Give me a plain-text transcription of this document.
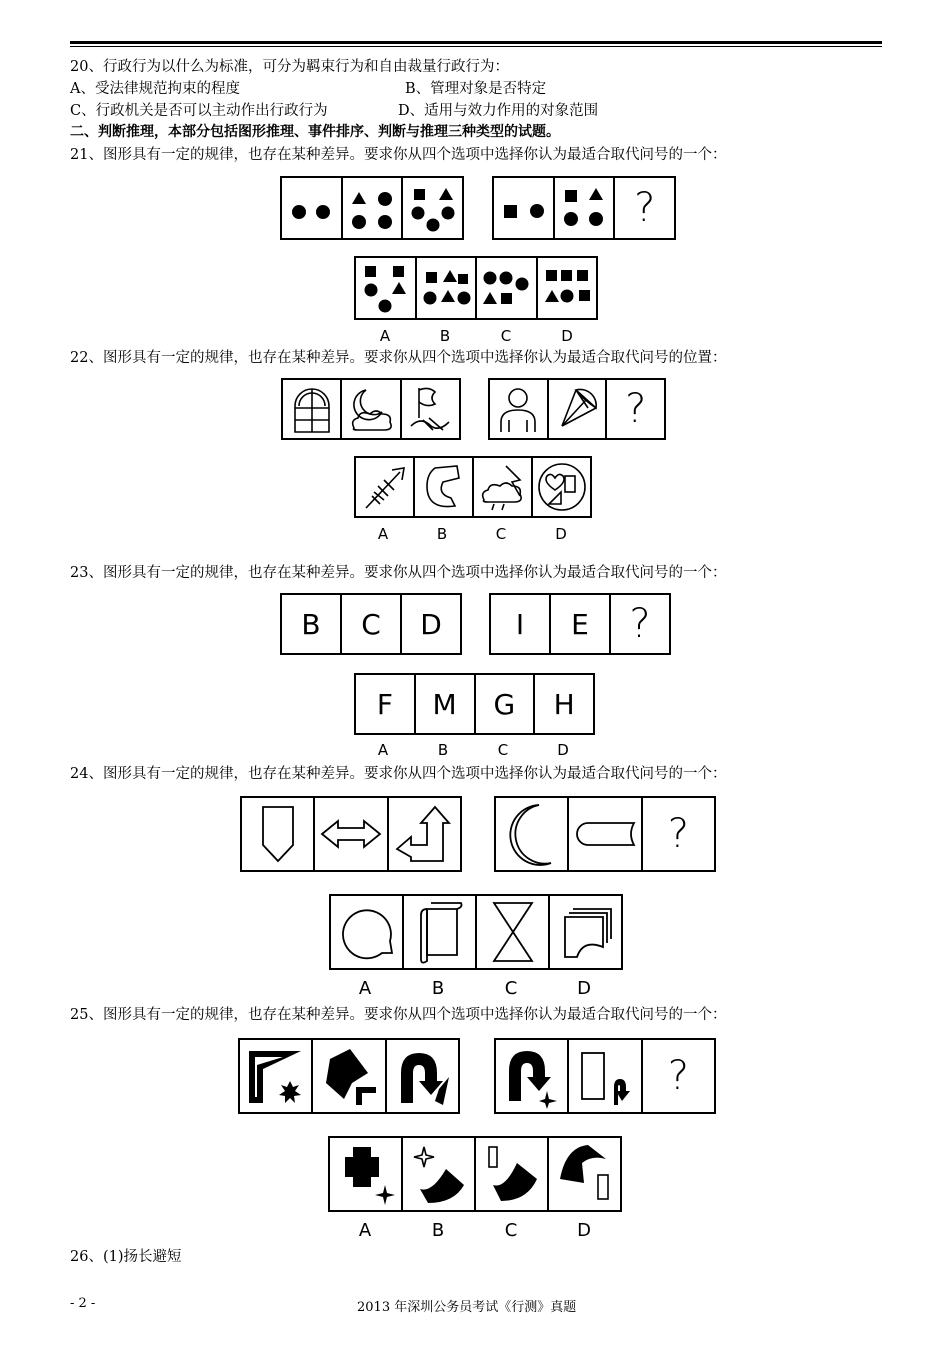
20、行政行为以什么为标准，可分为羁束行为和自由裁量行政行为：
A、受法律规范拘束的程度	B、管理对象是否特定
C、行政机关是否可以主动作出行政行为	D、适用与效力作用的对象范围
二、判断推理，本部分包括图形推理、事件排序、判断与推理三种类型的试题。
21、图形具有一定的规律，也存在某种差异。要求你从四个选项中选择你认为最适合取代问号的一个：
?
A	B	C	D
22、图形具有一定的规律，也存在某种差异。要求你从四个选项中选择你认为最适合取代问号的位置：
?
A	B	C	D
23、图形具有一定的规律，也存在某种差异。要求你从四个选项中选择你认为最适合取代问号的一个：
B	C	D	I	E	?
F	M	G	H
A	B	C	D
24、图形具有一定的规律，也存在某种差异。要求你从四个选项中选择你认为最适合取代问号的一个：
?
A	B	C	D
25、图形具有一定的规律，也存在某种差异。要求你从四个选项中选择你认为最适合取代问号的一个：
?
A	B	C	D
26、(1)扬长避短
- 2 -	2013 年深圳公务员考试《行测》真题
